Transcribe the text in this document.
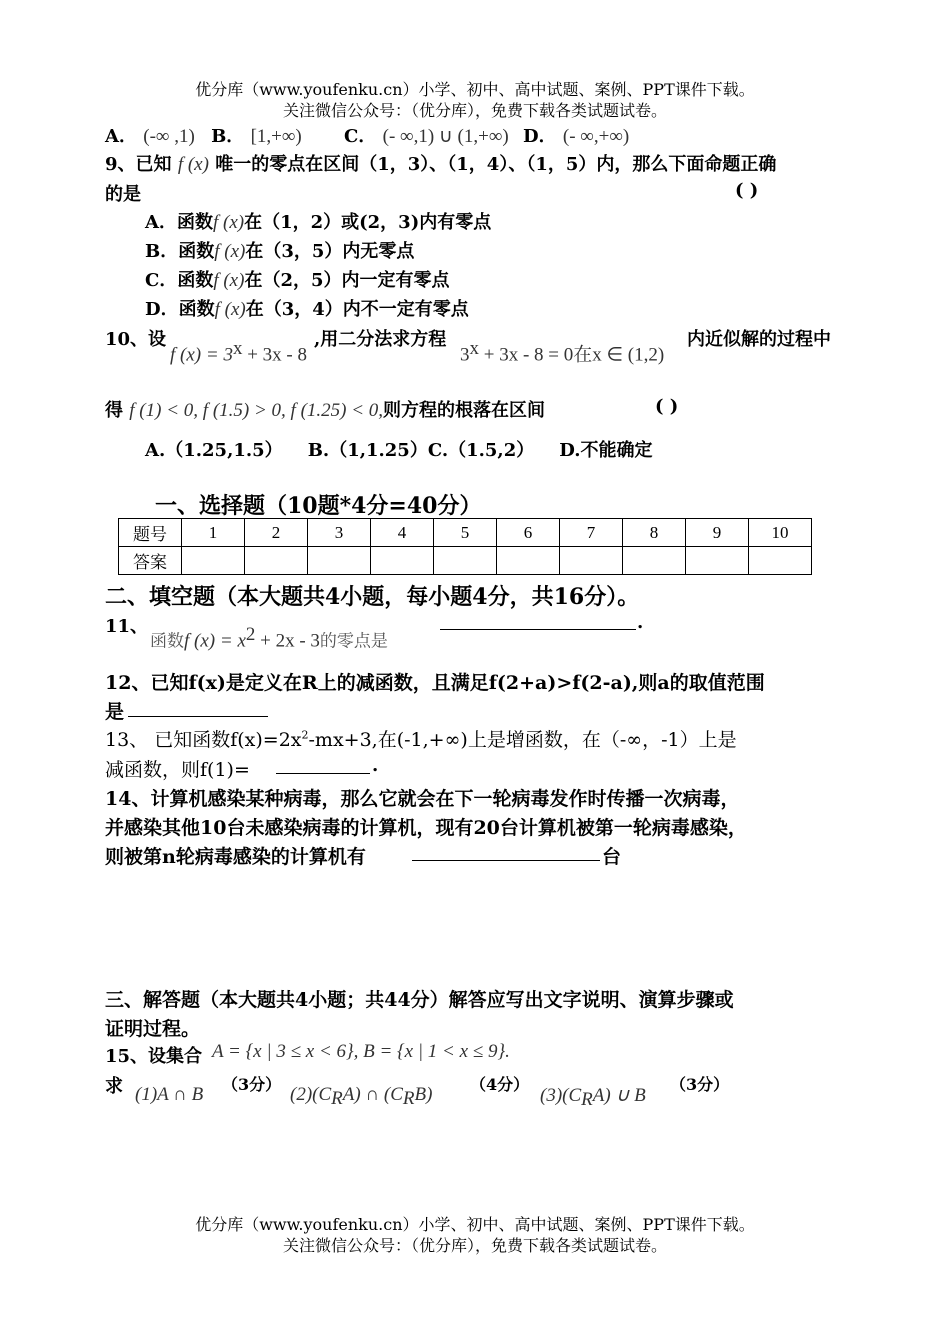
优分库（www.youfenku.cn）小学、初中、高中试题、案例、PPT课件下载。
关注微信公众号：（优分库），免费下载各类试题试卷。
A． (-∞ ,1) B． [1,+∞) C． (- ∞,1) ∪ (1,+∞) D． (- ∞,+∞)
9、已知 f (x) 唯一的零点在区间（1，3）、（1，4）、（1，5）内，那么下面命题正确
的是	( )
A．函数f (x)在（1，2）或(2，3)内有零点
B．函数f (x)在（3，5）内无零点
C．函数f (x)在（2，5）内一定有零点
D．函数f (x)在（3，4）内不一定有零点
10、设
f $(x) = 3^x + 3x - 8$
,用二分法求方程
$3^x + 3x - 8 = 0$在x ∈ (1,2)
内近似解的过程中
得 f (1) < 0, f (1.5) > 0, f (1.25) < 0,则方程的根落在区间	( )
A.（1.25,1.5）    B.（1,1.25）C.（1.5,2）    D.不能确定
一、选择题（10题*4分=40分）
题号	1	2	3	4	5	6	7	8	9	10
答案										
二、填空题（本大题共4小题，每小题4分，共16分）。
11、
函数f $(x) = x^2 + 2x - 3$的零点是
.
12、已知f(x)是定义在R上的减函数，且满足f(2+a)>f(2-a),则a的取值范围
是
13、 已知函数$f(x)=2x^2-mx+3$,在(-1,+∞)上是增函数，在（-∞，-1）上是
减函数，则f(1)=	.
14、计算机感染某种病毒，那么它就会在下一轮病毒发作时传播一次病毒，
并感染其他10台未感染病毒的计算机，现有20台计算机被第一轮病毒感染，
则被第n轮病毒感染的计算机有	台
三、解答题（本大题共4小题；共44分）解答应写出文字说明、演算步骤或
证明过程。
15、设集合 A = {x | 3 ≤ x < 6}, B = {x | 1 < x ≤ 9}.
求 (1)A ∩ B （3分） $(2)(C_RA)$ ∩ $(C_RB)$ （4分）
$(3)(C_RA)$ ∪ B
（3分）
优分库（www.youfenku.cn）小学、初中、高中试题、案例、PPT课件下载。
关注微信公众号：（优分库），免费下载各类试题试卷。
